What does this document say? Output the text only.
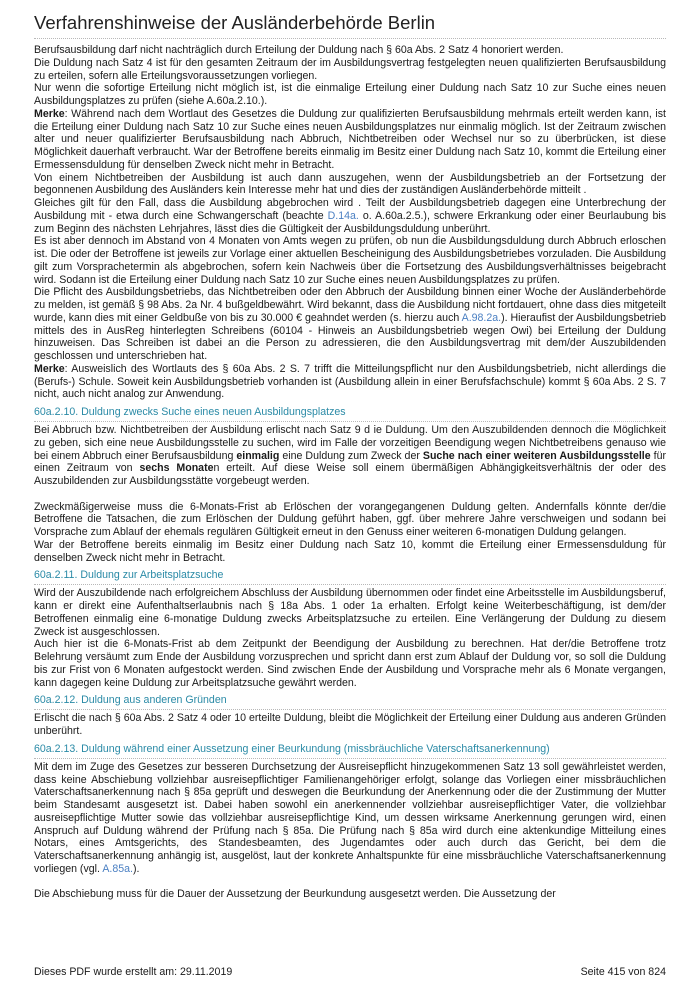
Verfahrenshinweise der Ausländerbehörde Berlin

Berufsausbildung darf nicht nachträglich durch Erteilung der Duldung nach § 60a Abs. 2 Satz 4 honoriert werden.

Die Duldung nach Satz 4 ist für den gesamten Zeitraum der im Ausbildungsvertrag festgelegten neuen qualifizierten Berufsausbildung zu erteilen, sofern alle Erteilungsvoraussetzungen vorliegen.

Nur wenn die sofortige Erteilung nicht möglich ist, ist die einmalige Erteilung einer Duldung nach Satz 10 zur Suche eines neuen Ausbildungsplatzes zu prüfen (siehe A.60a.2.10.).

Merke: Während nach dem Wortlaut des Gesetzes die Duldung zur qualifizierten Berufsausbildung mehrmals erteilt werden kann, ist die Erteilung einer Duldung nach Satz 10 zur Suche eines neuen Ausbildungsplatzes nur einmalig möglich. Ist der Zeitraum zwischen alter und neuer qualifizierter Berufsausbildung nach Abbruch, Nichtbetreiben oder Wechsel nur so zu überbrücken, ist diese Möglichkeit dauerhaft verbraucht. War der Betroffene bereits einmalig im Besitz einer Duldung nach Satz 10, kommt die Erteilung einer Ermessensduldung für denselben Zweck nicht mehr in Betracht.

Von einem Nichtbetreiben der Ausbildung ist auch dann auszugehen, wenn der Ausbildungsbetrieb an der Fortsetzung der begonnenen Ausbildung des Ausländers kein Interesse mehr hat und dies der zuständigen Ausländerbehörde mitteilt .

Gleiches gilt für den Fall, dass die Ausbildung abgebrochen wird . Teilt der Ausbildungsbetrieb dagegen eine Unterbrechung der Ausbildung mit - etwa durch eine Schwangerschaft (beachte D.14a. o. A.60a.2.5.), schwere Erkrankung oder einer Beurlaubung bis zum Beginn des nächsten Lehrjahres, lässt dies die Gültigkeit der Ausbildungsduldung unberührt.

Es ist aber dennoch im Abstand von 4 Monaten von Amts wegen zu prüfen, ob nun die Ausbildungsduldung durch Abbruch erloschen ist. Die oder der Betroffene ist jeweils zur Vorlage einer aktuellen Bescheinigung des Ausbildungsbetriebes vorzuladen. Die Ausbildung gilt zum Vorsprachetermin als abgebrochen, sofern kein Nachweis über die Fortsetzung des Ausbildungsverhältnisses beigebracht wird. Sodann ist die Erteilung einer Duldung nach Satz 10 zur Suche eines neuen Ausbildungsplatzes zu prüfen.

Die Pflicht des Ausbildungsbetriebs, das Nichtbetreiben oder den Abbruch der Ausbildung binnen einer Woche der Ausländerbehörde zu melden, ist gemäß § 98 Abs. 2a Nr. 4 bußgeldbewährt. Wird bekannt, dass die Ausbildung nicht fortdauert, ohne dass dies mitgeteilt wurde, kann dies mit einer Geldbuße von bis zu 30.000 € geahndet werden (s. hierzu auch A.98.2a.). Hieraufist der Ausbildungsbetrieb mittels des in AusReg hinterlegten Schreibens (60104 - Hinweis an Ausbildungsbetrieb wegen Owi) bei Erteilung der Duldung hinzuweisen. Das Schreiben ist dabei an die Person zu adressieren, die den Ausbildungsvertrag mit dem/der Auszubildenden geschlossen und unterschrieben hat.

Merke: Ausweislich des Wortlauts des § 60a Abs. 2 S. 7 trifft die Mitteilungspflicht nur den Ausbildungsbetrieb, nicht allerdings die (Berufs-) Schule. Soweit kein Ausbildungsbetrieb vorhanden ist (Ausbildung allein in einer Berufsfachschule) kommt § 60a Abs. 2 S. 7 nicht, auch nicht analog zur Anwendung.

60a.2.10. Duldung zwecks Suche eines neuen Ausbildungsplatzes

Bei Abbruch bzw. Nichtbetreiben der Ausbildung erlischt nach Satz 9 d ie Duldung. Um den Auszubildenden dennoch die Möglichkeit zu geben, sich eine neue Ausbildungsstelle zu suchen, wird im Falle der vorzeitigen Beendigung wegen Nichtbetreibens genauso wie bei einem Abbruch einer Berufsausbildung einmalig eine Duldung zum Zweck der Suche nach einer weiteren Ausbildungsstelle für einen Zeitraum von sechs Monaten erteilt. Auf diese Weise soll einem übermäßigen Abhängigkeitsverhältnis der oder des Auszubildenden zur Ausbildungsstätte vorgebeugt werden.

Zweckmäßigerweise muss die 6-Monats-Frist ab Erlöschen der vorangegangenen Duldung gelten. Andernfalls könnte der/die Betroffene die Tatsachen, die zum Erlöschen der Duldung geführt haben, ggf. über mehrere Jahre verschweigen und sodann bei Vorsprache zum Ablauf der ehemals regulären Gültigkeit erneut in den Genuss einer weiteren 6-monatigen Duldung gelangen.

War der Betroffene bereits einmalig im Besitz einer Duldung nach Satz 10, kommt die Erteilung einer Ermessensduldung für denselben Zweck nicht mehr in Betracht.

60a.2.11. Duldung zur Arbeitsplatzsuche

Wird der Auszubildende nach erfolgreichem Abschluss der Ausbildung übernommen oder findet eine Arbeitsstelle im Ausbildungsberuf, kann er direkt eine Aufenthaltserlaubnis nach § 18a Abs. 1 oder 1a erhalten. Erfolgt keine Weiterbeschäftigung, ist dem/der Betroffenen einmalig eine 6-monatige Duldung zwecks Arbeitsplatzsuche zu erteilen. Eine Verlängerung der Duldung zu diesem Zweck ist ausgeschlossen.

Auch hier ist die 6-Monats-Frist ab dem Zeitpunkt der Beendigung der Ausbildung zu berechnen. Hat der/die Betroffene trotz Belehrung versäumt zum Ende der Ausbildung vorzusprechen und spricht dann erst zum Ablauf der Duldung vor, so soll die Duldung bis zur Frist von 6 Monaten aufgestockt werden. Sind zwischen Ende der Ausbildung und Vorsprache mehr als 6 Monate vergangen, kann dagegen keine Duldung zur Arbeitsplatzsuche gewährt werden.

60a.2.12. Duldung aus anderen Gründen

Erlischt die nach § 60a Abs. 2 Satz 4 oder 10 erteilte Duldung, bleibt die Möglichkeit der Erteilung einer Duldung aus anderen Gründen unberührt.

60a.2.13. Duldung während einer Aussetzung einer Beurkundung (missbräuchliche Vaterschaftsanerkennung)

Mit dem im Zuge des Gesetzes zur besseren Durchsetzung der Ausreisepflicht hinzugekommenen Satz 13 soll gewährleistet werden, dass keine Abschiebung vollziehbar ausreisepflichtiger Familienangehöriger erfolgt, solange das Vorliegen einer missbräuchlichen Vaterschaftsanerkennung nach § 85a geprüft und deswegen die Beurkundung der Anerkennung oder die der Zustimmung der Mutter beim Standesamt ausgesetzt ist. Dabei haben sowohl ein anerkennender vollziehbar ausreisepflichtiger Vater, die vollziehbar ausreisepflichtige Mutter sowie das vollziehbar ausreisepflichtige Kind, um dessen wirksame Anerkennung gerungen wird, einen Anspruch auf Duldung während der Prüfung nach § 85a. Die Prüfung nach § 85a wird durch eine aktenkundige Mitteilung eines Notars, eines Amtsgerichts, des Standesbeamten, des Jugendamtes oder auch durch das Gericht, bei dem die Vaterschaftsanerkennung anhängig ist, ausgelöst, laut der konkrete Anhaltspunkte für eine missbräuchliche Vaterschaftsanerkennung vorliegen (vgl. A.85a.).

Die Abschiebung muss für die Dauer der Aussetzung der Beurkundung ausgesetzt werden. Die Aussetzung der

Dieses PDF wurde erstellt am: 29.11.2019	Seite 415 von 824
